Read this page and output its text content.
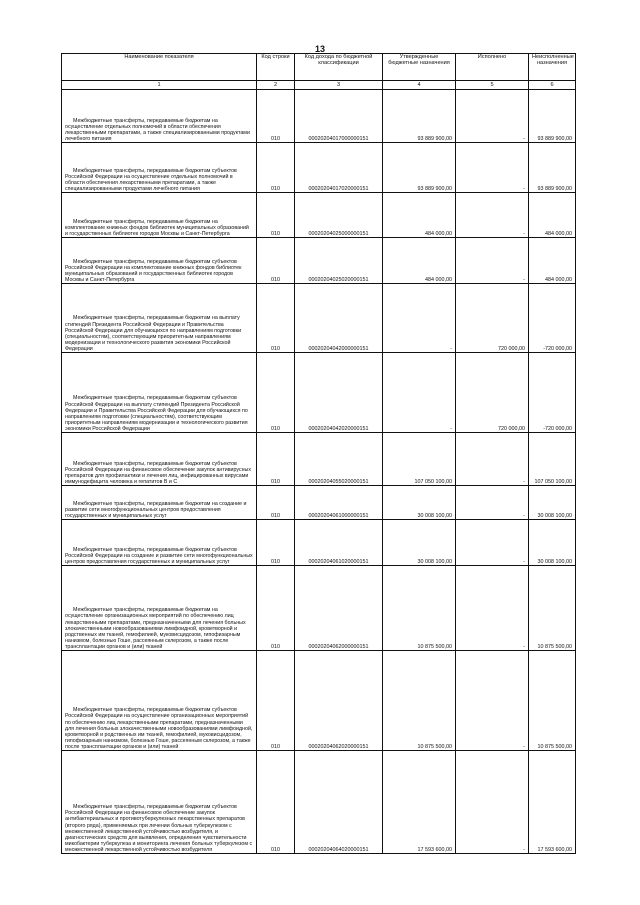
13
Наименование показателя	Код строки	Код дохода по бюджетной классификации	Утвержденные бюджетные назначения	Исполнено	Неисполненные назначения
1	2	3	4	5	6

Межбюджетные трансферты, передаваемые бюджетам на осуществление отдельных полномочий в области обеспечения лекарственными препаратами, а также специализированными продуктами лечебного питания	010	00020204017000000151	93 889 900,00	-	93 889 900,00

Межбюджетные трансферты, передаваемые бюджетам субъектов Российской Федерации на осуществление отдельных полномочий в области обеспечения лекарственными препаратами, а также специализированными продуктами лечебного питания	010	00020204017020000151	93 889 900,00	-	93 889 900,00

Межбюджетные трансферты, передаваемые бюджетам на комплектование книжных фондов библиотек муниципальных образований и государственных библиотек городов Москвы и Санкт-Петербурга	010	00020204025000000151	484 000,00	-	484 000,00

Межбюджетные трансферты, передаваемые бюджетам субъектов Российской Федерации на комплектование книжных фондов библиотек муниципальных образований и государственных библиотек городов Москвы и Санкт-Петербурга	010	00020204025020000151	484 000,00	-	484 000,00

Межбюджетные трансферты, передаваемые бюджетам на выплату стипендий Президента Российской Федерации и Правительства Российской Федерации для обучающихся по направлениям подготовки (специальностям), соответствующим приоритетным направлениям модернизации и технологического развития экономики Российской Федерации	010	00020204042000000151	-	720 000,00	-720 000,00

Межбюджетные трансферты, передаваемые бюджетам субъектов Российской Федерации на выплату стипендий Президента Российской Федерации и Правительства Российской Федерации для обучающихся по направлениям подготовки (специальностям), соответствующим приоритетным направлениям модернизации и технологического развития экономики Российской Федерации	010	00020204042020000151	-	720 000,00	-720 000,00

Межбюджетные трансферты, передаваемые бюджетам субъектов Российской Федерации на финансовое обеспечение закупок антивирусных препаратов для профилактики и лечения лиц, инфицированных вирусами иммунодефицита человека и гепатитов В и С	010	00020204055020000151	107 050 100,00	-	107 050 100,00

Межбюджетные трансферты, передаваемые бюджетам на создание и развитие сети многофункциональных центров предоставления государственных и муниципальных услуг	010	00020204061000000151	30 008 100,00	-	30 008 100,00

Межбюджетные трансферты, передаваемые бюджетам субъектов Российской Федерации на создание и развитие сети многофункциональных центров предоставления государственных и муниципальных услуг	010	00020204061020000151	30 008 100,00	-	30 008 100,00

Межбюджетные трансферты, передаваемые бюджетам на осуществление организационных мероприятий по обеспечению лиц лекарственными препаратами, предназначенными для лечения больных злокачественными новообразованиями лимфоидной, кроветворной и родственных им тканей, гемофилией, муковисцидозом, гипофизарным нанизмом, болезнью Гоше, рассеянным склерозом, а также после трансплантации органов и (или) тканей	010	00020204062000000151	10 875 500,00	-	10 875 500,00

Межбюджетные трансферты, передаваемые бюджетам субъектов Российской Федерации на осуществление организационных мероприятий по обеспечению лиц лекарственными препаратами, предназначенными для лечения больных злокачественными новообразованиями лимфоидной, кроветворной и родственных им тканей, гемофилией, муковисцидозом, гипофизарным нанизмом, болезнью Гоше, рассеянным склерозом, а также после трансплантации органов и (или) тканей	010	00020204062020000151	10 875 500,00	-	10 875 500,00

Межбюджетные трансферты, передаваемые бюджетам субъектов Российской Федерации на финансовое обеспечение закупок антибактериальных и противотуберкулезных лекарственных препаратов (второго ряда), применяемых при лечении больных туберкулезом с множественной лекарственной устойчивостью возбудителя, и диагностических средств для выявления, определения чувствительности микобактерии туберкулеза и мониторинга лечения больных туберкулезом с множественной лекарственной устойчивостью возбудителя	010	00020204064020000151	17 593 600,00	-	17 593 600,00
